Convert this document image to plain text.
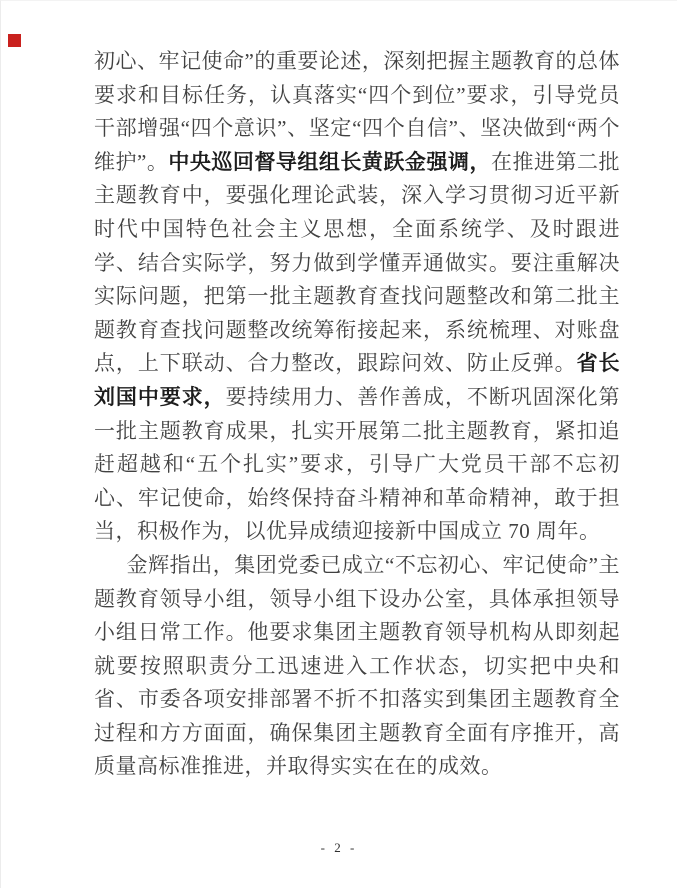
初心、牢记使命”的重要论述，深刻把握主题教育的总体要求和目标任务，认真落实“四个到位”要求，引导党员干部增强“四个意识”、坚定“四个自信”、坚决做到“两个维护”。中央巡回督导组组长黄跃金强调，在推进第二批主题教育中，要强化理论武装，深入学习贯彻习近平新时代中国特色社会主义思想，全面系统学、及时跟进学、结合实际学，努力做到学懂弄通做实。要注重解决实际问题，把第一批主题教育查找问题整改和第二批主题教育查找问题整改统筹衔接起来，系统梳理、对账盘点，上下联动、合力整改，跟踪问效、防止反弹。省长刘国中要求，要持续用力、善作善成，不断巩固深化第一批主题教育成果，扎实开展第二批主题教育，紧扣追赶超越和“五个扎实”要求，引导广大党员干部不忘初心、牢记使命，始终保持奋斗精神和革命精神，敢于担当，积极作为，以优异成绩迎接新中国成立 70 周年。

金辉指出，集团党委已成立“不忘初心、牢记使命”主题教育领导小组，领导小组下设办公室，具体承担领导小组日常工作。他要求集团主题教育领导机构从即刻起就要按照职责分工迅速进入工作状态，切实把中央和省、市委各项安排部署不折不扣落实到集团主题教育全过程和方方面面，确保集团主题教育全面有序推开，高质量高标准推进，并取得实实在在的成效。

- 2 -
